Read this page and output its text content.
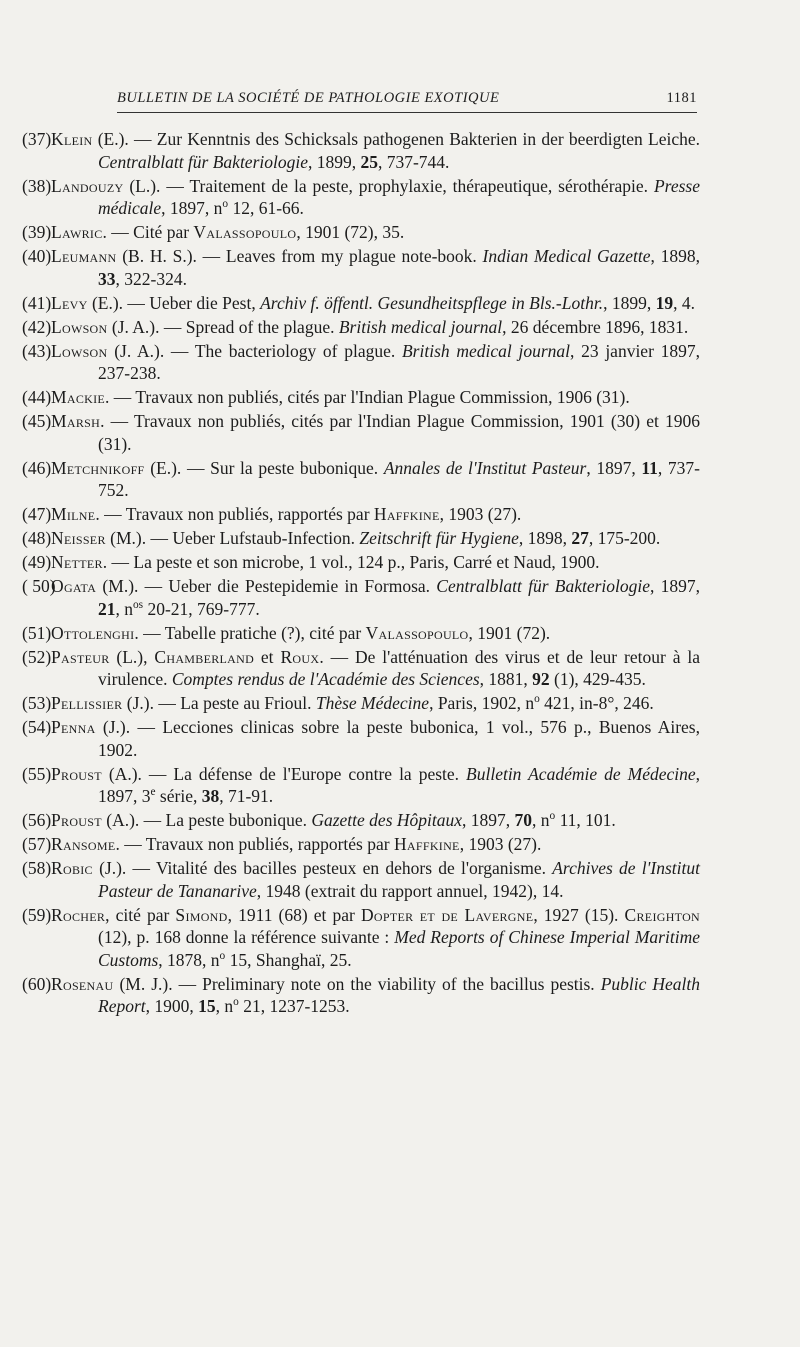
BULLETIN DE LA SOCIÉTÉ DE PATHOLOGIE EXOTIQUE	1181
(37) Klein (E.). — Zur Kenntnis des Schicksals pathogenen Bakterien in der beerdigten Leiche. Centralblatt für Bakteriologie, 1899, 25, 737-744.
(38) Landouzy (L.). — Traitement de la peste, prophylaxie, thérapeutique, sérothérapie. Presse médicale, 1897, $n^o$ 12, 61-66.
(39) Lawric. — Cité par Valassopoulo, 1901 (72), 35.
(40) Leumann (B. H. S.). — Leaves from my plague note-book. Indian Medical Gazette, 1898, 33, 322-324.
(41) Levy (E.). — Ueber die Pest, Archiv f. öffentl. Gesundheitspflege in Bls.-Lothr., 1899, 19, 4.
(42) Lowson (J. A.). — Spread of the plague. British medical journal, 26 décembre 1896, 1831.
(43) Lowson (J. A.). — The bacteriology of plague. British medical journal, 23 janvier 1897, 237-238.
(44) Mackie. — Travaux non publiés, cités par l'Indian Plague Commission, 1906 (31).
(45) Marsh. — Travaux non publiés, cités par l'Indian Plague Commission, 1901 (30) et 1906 (31).
(46) Metchnikoff (E.). — Sur la peste bubonique. Annales de l'Institut Pasteur, 1897, 11, 737-752.
(47) Milne. — Travaux non publiés, rapportés par Haffkine, 1903 (27).
(48) Neisser (M.). — Ueber Lufstaub-Infection. Zeitschrift für Hygiene, 1898, 27, 175-200.
(49) Netter. — La peste et son microbe, 1 vol., 124 p., Paris, Carré et Naud, 1900.
( 50)
Ogata (M.). — Ueber die Pestepidemie in Formosa. Centralblatt für Bakteriologie, 1897, 21, $n^{os}$ 20-21, 769-777.
(51) Ottolenghi. — Tabelle pratiche (?), cité par Valassopoulo, 1901 (72).
(52) Pasteur (L.), Chamberland et Roux. — De l'atténuation des virus et de leur retour à la virulence. Comptes rendus de l'Académie des Sciences, 1881, 92 (1), 429-435.
(53) Pellissier (J.). — La peste au Frioul. Thèse Médecine, Paris, 1902, $n^o$ 421, in-8°, 246.
(54) Penna (J.). — Lecciones clinicas sobre la peste bubonica, 1 vol., 576 p., Buenos Aires, 1902.
(55) Proust (A.). — La défense de l'Europe contre la peste. Bulletin Académie de Médecine, 1897, 3e série, 38, 71-91.
(56) Proust (A.). — La peste bubonique. Gazette des Hôpitaux, 1897, 70, $n^o$ 11, 101.
(57) Ransome. — Travaux non publiés, rapportés par Haffkine, 1903 (27).
(58) Robic (J.). — Vitalité des bacilles pesteux en dehors de l'organisme. Archives de l'Institut Pasteur de Tananarive, 1948 (extrait du rapport annuel, 1942), 14.
(59) Rocher, cité par Simond, 1911 (68) et par Dopter et de Lavergne, 1927 (15). Creighton (12), p. 168 donne la référence suivante : Med Reports of Chinese Imperial Maritime Customs, 1878, $n^o$ 15, Shanghaï, 25.
(60) Rosenau (M. J.). — Preliminary note on the viability of the bacillus pestis. Public Health Report, 1900, 15, $n^o$ 21, 1237-1253.
